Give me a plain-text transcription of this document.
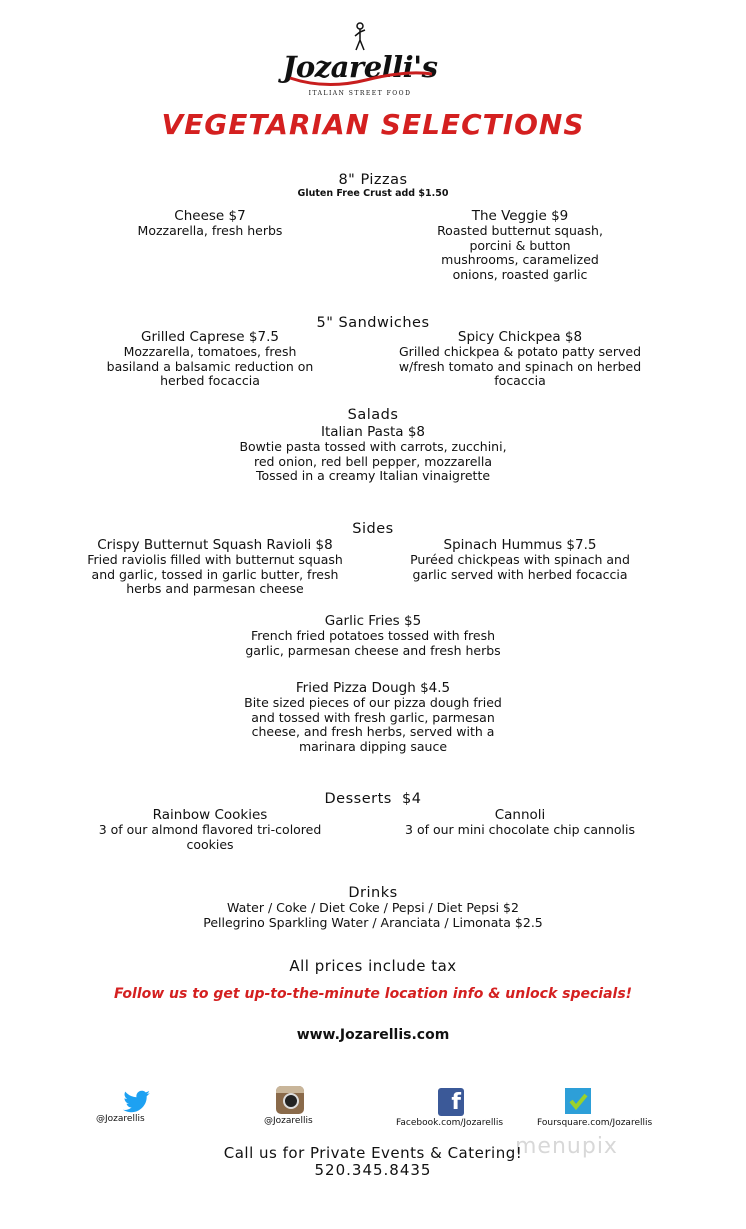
Jozarelli's
ITALIAN STREET FOOD
VEGETARIAN SELECTIONS
8" Pizzas
Gluten Free Crust add $1.50
Cheese $7
Mozzarella, fresh herbs
The Veggie $9
Roasted butternut squash,
porcini & button
mushrooms, caramelized
onions, roasted garlic
5" Sandwiches
Grilled Caprese $7.5
Mozzarella, tomatoes, fresh
basiland a balsamic reduction on
herbed focaccia
Spicy Chickpea $8
Grilled chickpea & potato patty served
w/fresh tomato and spinach on herbed
focaccia
Salads
Italian Pasta $8
Bowtie pasta tossed with carrots, zucchini,
red onion, red bell pepper, mozzarella
Tossed in a creamy Italian vinaigrette
Sides
Crispy Butternut Squash Ravioli $8
Fried raviolis filled with butternut squash
and garlic, tossed in garlic butter, fresh
herbs and parmesan cheese
Spinach Hummus $7.5
Puréed chickpeas with spinach and
garlic served with herbed focaccia
Garlic Fries $5
French fried potatoes tossed with fresh
garlic, parmesan cheese and fresh herbs
Fried Pizza Dough $4.5
Bite sized pieces of our pizza dough fried
and tossed with fresh garlic, parmesan
cheese, and fresh herbs, served with a
marinara dipping sauce
Desserts  $4
Rainbow Cookies
3 of our almond flavored tri-colored
cookies
Cannoli
3 of our mini chocolate chip cannolis
Drinks
Water / Coke / Diet Coke / Pepsi / Diet Pepsi $2
Pellegrino Sparkling Water / Aranciata / Limonata $2.5
All prices include tax
Follow us to get up-to-the-minute location info & unlock specials!
www.Jozarellis.com
@Jozarellis	@Jozarellis
f
Facebook.com/Jozarellis	Foursquare.com/Jozarellis
menupix
Call us for Private Events & Catering!
520.345.8435
